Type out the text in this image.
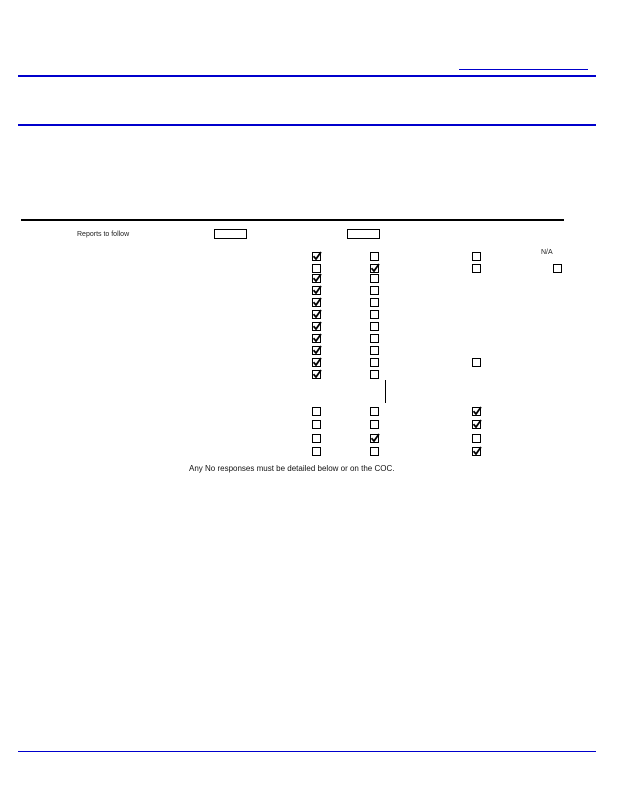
Reports to follow
N/A
Any No responses must be detailed below or on the COC.
